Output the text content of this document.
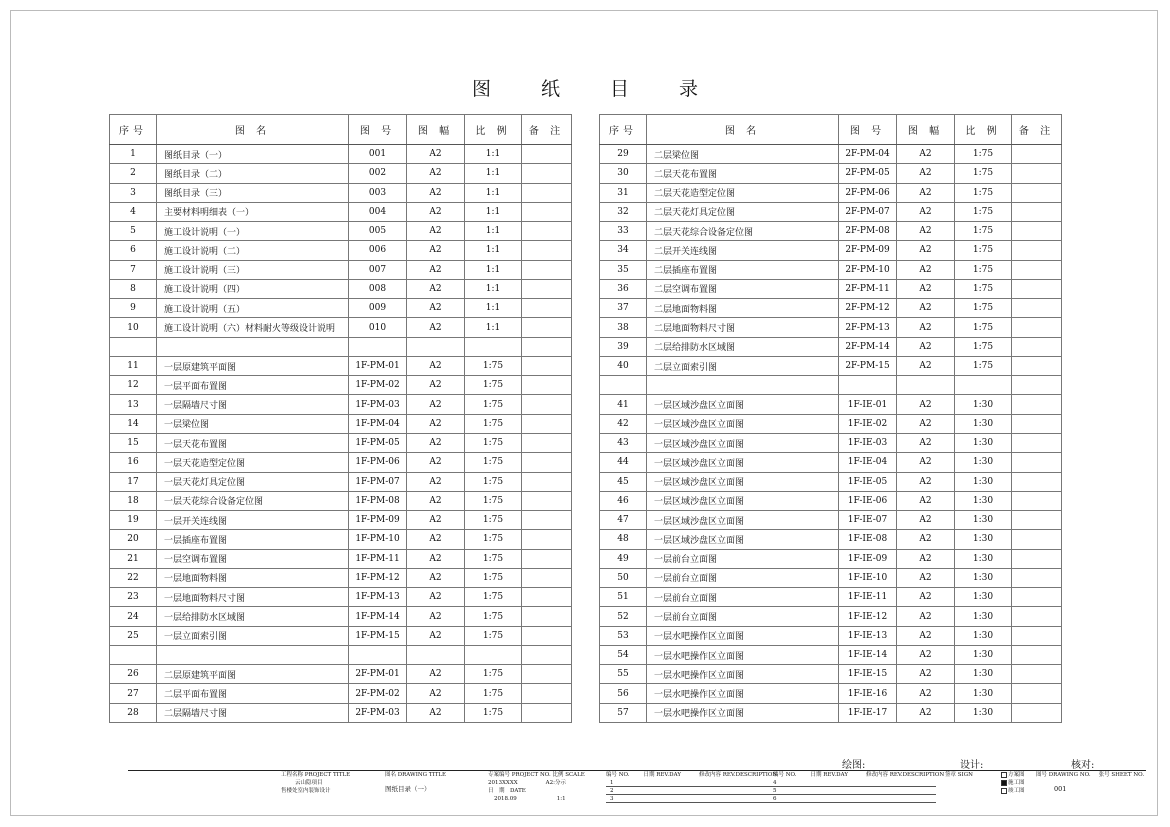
图 纸 目 录
序号	图 名	图 号	图 幅	比 例	备 注
1	图纸目录（一）	001	A2	1:1	
2	图纸目录（二）	002	A2	1:1	
3	图纸目录（三）	003	A2	1:1	
4	主要材料明细表（一）	004	A2	1:1	
5	施工设计说明（一）	005	A2	1:1	
6	施工设计说明（二）	006	A2	1:1	
7	施工设计说明（三）	007	A2	1:1	
8	施工设计说明（四）	008	A2	1:1	
9	施工设计说明（五）	009	A2	1:1	
10	施工设计说明（六）材料耐火等级设计说明	010	A2	1:1	

11	一层原建筑平面图	1F-PM-01	A2	1:75	
12	一层平面布置图	1F-PM-02	A2	1:75	
13	一层隔墙尺寸图	1F-PM-03	A2	1:75	
14	一层梁位图	1F-PM-04	A2	1:75	
15	一层天花布置图	1F-PM-05	A2	1:75	
16	一层天花造型定位图	1F-PM-06	A2	1:75	
17	一层天花灯具定位图	1F-PM-07	A2	1:75	
18	一层天花综合设备定位图	1F-PM-08	A2	1:75	
19	一层开关连线图	1F-PM-09	A2	1:75	
20	一层插座布置图	1F-PM-10	A2	1:75	
21	一层空调布置图	1F-PM-11	A2	1:75	
22	一层地面物料图	1F-PM-12	A2	1:75	
23	一层地面物料尺寸图	1F-PM-13	A2	1:75	
24	一层给排防水区域图	1F-PM-14	A2	1:75	
25	一层立面索引图	1F-PM-15	A2	1:75	

26	二层原建筑平面图	2F-PM-01	A2	1:75	
27	二层平面布置图	2F-PM-02	A2	1:75	
28	二层隔墙尺寸图	2F-PM-03	A2	1:75	
序号	图 名	图 号	图 幅	比 例	备 注
29	二层梁位图	2F-PM-04	A2	1:75	
30	二层天花布置图	2F-PM-05	A2	1:75	
31	二层天花造型定位图	2F-PM-06	A2	1:75	
32	二层天花灯具定位图	2F-PM-07	A2	1:75	
33	二层天花综合设备定位图	2F-PM-08	A2	1:75	
34	二层开关连线图	2F-PM-09	A2	1:75	
35	二层插座布置图	2F-PM-10	A2	1:75	
36	二层空调布置图	2F-PM-11	A2	1:75	
37	二层地面物料图	2F-PM-12	A2	1:75	
38	二层地面物料尺寸图	2F-PM-13	A2	1:75	
39	二层给排防水区域图	2F-PM-14	A2	1:75	
40	二层立面索引图	2F-PM-15	A2	1:75	

41	一层区域沙盘区立面图	1F-IE-01	A2	1:30	
42	一层区域沙盘区立面图	1F-IE-02	A2	1:30	
43	一层区域沙盘区立面图	1F-IE-03	A2	1:30	
44	一层区域沙盘区立面图	1F-IE-04	A2	1:30	
45	一层区域沙盘区立面图	1F-IE-05	A2	1:30	
46	一层区域沙盘区立面图	1F-IE-06	A2	1:30	
47	一层区域沙盘区立面图	1F-IE-07	A2	1:30	
48	一层区域沙盘区立面图	1F-IE-08	A2	1:30	
49	一层前台立面图	1F-IE-09	A2	1:30	
50	一层前台立面图	1F-IE-10	A2	1:30	
51	一层前台立面图	1F-IE-11	A2	1:30	
52	一层前台立面图	1F-IE-12	A2	1:30	
53	一层水吧操作区立面图	1F-IE-13	A2	1:30	
54	一层水吧操作区立面图	1F-IE-14	A2	1:30	
55	一层水吧操作区立面图	1F-IE-15	A2	1:30	
56	一层水吧操作区立面图	1F-IE-16	A2	1:30	
57	一层水吧操作区立面图	1F-IE-17	A2	1:30	
绘图:	设计:	核对:
工程名称 PROJECT TITLE
云山隐项目
售楼处室内装饰设计
图名 DRAWING TITLE
图纸目录（一）
专案编号 PROJECT NO. 比例 SCALE
2013XXXX	A2:分示
日　期　DATE
2018.09	1:1
编号 NO.	日期 REV.DAY	修改内容 REV.DESCRIPTION
1
2
3
编号 NO.	日期 REV.DAY	修改内容 REV.DESCRIPTION
4
5
6
签章 SIGN	方案图
施工图
竣工图
图号 DRAWING NO. 张号 SHEET NO.
001
